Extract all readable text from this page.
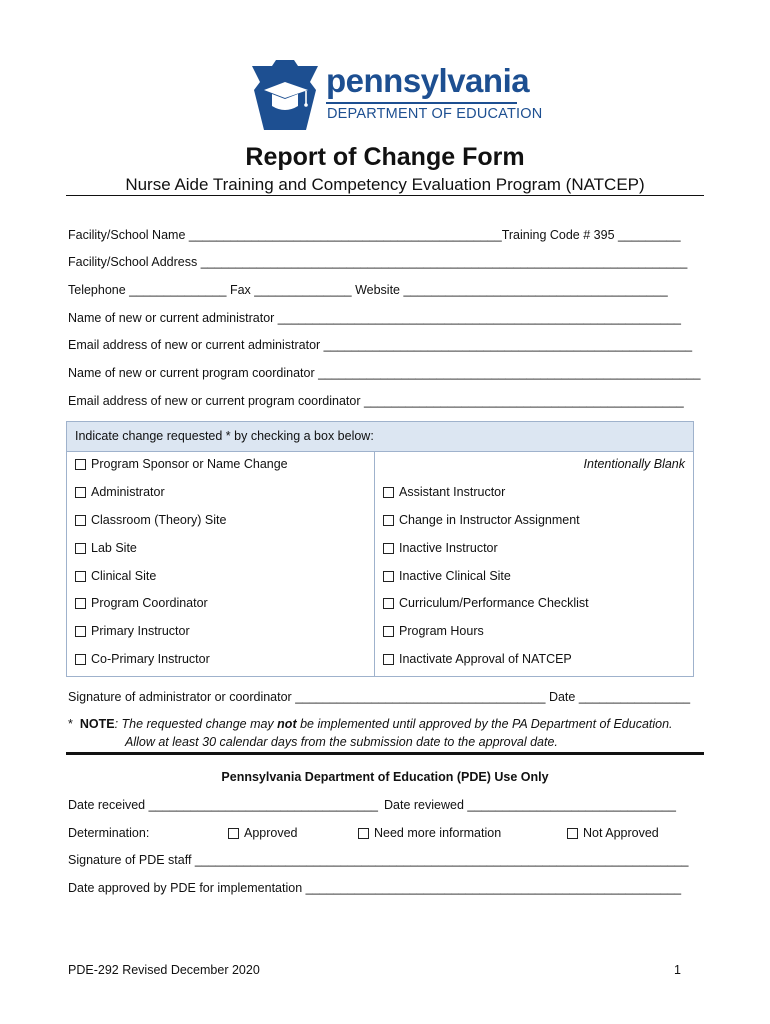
pennsylvania
DEPARTMENT OF EDUCATION
Report of Change Form
Nurse Aide Training and Competency Evaluation Program (NATCEP)
Facility/School Name _____________________________________________Training Code # 395 _________
Facility/School Address ______________________________________________________________________
Telephone ______________ Fax ______________ Website ______________________________________
Name of new or current administrator __________________________________________________________
Email address of new or current administrator _____________________________________________________
Name of new or current program coordinator _______________________________________________________
Email address of new or current program coordinator ______________________________________________
Indicate change requested * by checking a box below:
Program Sponsor or Name Change
Administrator
Classroom (Theory) Site
Lab Site
Clinical Site
Program Coordinator
Primary Instructor
Co-Primary Instructor
Intentionally Blank
Assistant Instructor
Change in Instructor Assignment
Inactive Instructor
Inactive Clinical Site
Curriculum/Performance Checklist
Program Hours
Inactivate Approval of NATCEP
Signature of administrator or coordinator ____________________________________ Date ________________
* NOTE: The requested change may not be implemented until approved by the PA Department of Education.
Allow at least 30 calendar days from the submission date to the approval date.
Pennsylvania Department of Education (PDE) Use Only
Date received _________________________________ Date reviewed ______________________________
Determination:	Approved	Need more information	Not Approved
Signature of PDE staff _______________________________________________________________________
Date approved by PDE for implementation ______________________________________________________
PDE-292 Revised December 2020	1
